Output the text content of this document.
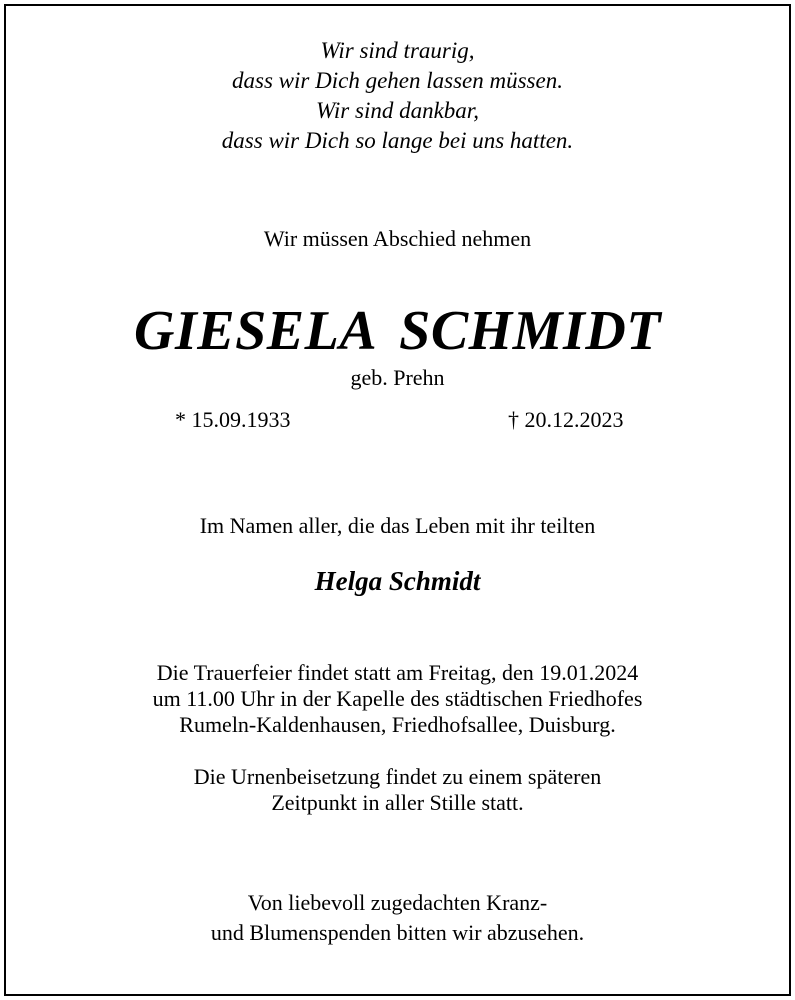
Wir sind traurig,
dass wir Dich gehen lassen müssen.
Wir sind dankbar,
dass wir Dich so lange bei uns hatten.
Wir müssen Abschied nehmen
GIESELA SCHMIDT
geb. Prehn
* 15.09.1933	† 20.12.2023
Im Namen aller, die das Leben mit ihr teilten
Helga Schmidt
Die Trauerfeier findet statt am Freitag, den 19.01.2024
um 11.00 Uhr in der Kapelle des städtischen Friedhofes
Rumeln-Kaldenhausen, Friedhofsallee, Duisburg.
Die Urnenbeisetzung findet zu einem späteren
Zeitpunkt in aller Stille statt.
Von liebevoll zugedachten Kranz-
und Blumenspenden bitten wir abzusehen.
